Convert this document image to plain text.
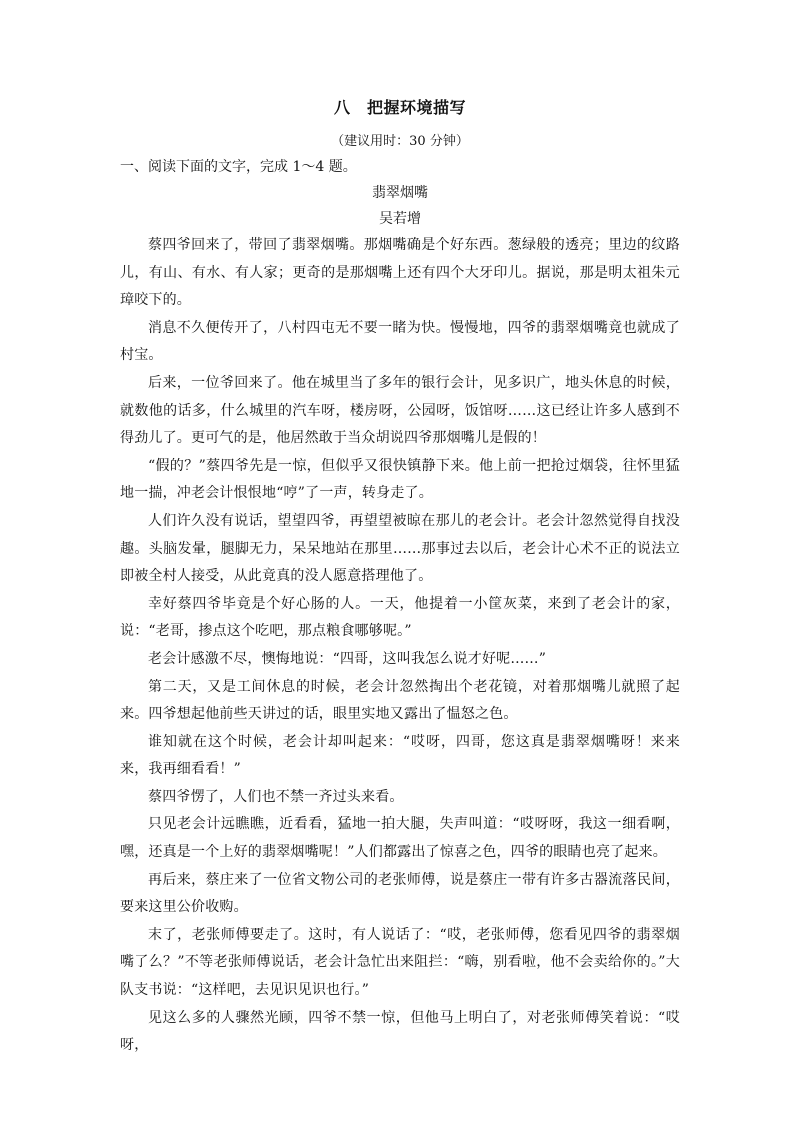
八　把握环境描写
（建议用时：30 分钟）
一、阅读下面的文字，完成 1～4 题。
翡翠烟嘴
吴若增

蔡四爷回来了，带回了翡翠烟嘴。那烟嘴确是个好东西。葱绿般的透亮；里边的纹路儿，有山、有水、有人家；更奇的是那烟嘴上还有四个大牙印儿。据说，那是明太祖朱元璋咬下的。

消息不久便传开了，八村四屯无不要一睹为快。慢慢地，四爷的翡翠烟嘴竟也就成了村宝。

后来，一位爷回来了。他在城里当了多年的银行会计，见多识广，地头休息的时候，就数他的话多，什么城里的汽车呀，楼房呀，公园呀，饭馆呀……这已经让许多人感到不得劲儿了。更可气的是，他居然敢于当众胡说四爷那烟嘴儿是假的！

“假的？”蔡四爷先是一惊，但似乎又很快镇静下来。他上前一把抢过烟袋，往怀里猛地一揣，冲老会计恨恨地“哼”了一声，转身走了。

人们许久没有说话，望望四爷，再望望被晾在那儿的老会计。老会计忽然觉得自找没趣。头脑发暈，腿脚无力，呆呆地站在那里……那事过去以后，老会计心术不正的说法立即被全村人接受，从此竟真的没人愿意搭理他了。

幸好蔡四爷毕竟是个好心肠的人。一天，他提着一小筐灰菜，来到了老会计的家，说：“老哥，掺点这个吃吧，那点粮食哪够呢。”

老会计感激不尽，懊悔地说：“四哥，这叫我怎么说才好呢……”

第二天，又是工间休息的时候，老会计忽然掏出个老花镜，对着那烟嘴儿就照了起来。四爷想起他前些天讲过的话，眼里实地又露出了愠怒之色。

谁知就在这个时候，老会计却叫起来：“哎呀，四哥，您这真是翡翠烟嘴呀！来来来，我再细看看！”

蔡四爷愣了，人们也不禁一齐过头来看。

只见老会计远瞧瞧，近看看，猛地一拍大腿，失声叫道：“哎呀呀，我这一细看啊，嘿，还真是一个上好的翡翠烟嘴呢！”人们都露出了惊喜之色，四爷的眼睛也亮了起来。

再后来，蔡庄来了一位省文物公司的老张师傅，说是蔡庄一带有许多古器流落民间，要来这里公价收购。

末了，老张师傅要走了。这时，有人说话了：“哎，老张师傅，您看见四爷的翡翠烟嘴了么？”不等老张师傅说话，老会计急忙出来阻拦：“嗨，别看啦，他不会卖给你的。”大队支书说：“这样吧，去见识见识也行。”

见这么多的人骤然光顾，四爷不禁一惊，但他马上明白了，对老张师傅笑着说：“哎呀，
